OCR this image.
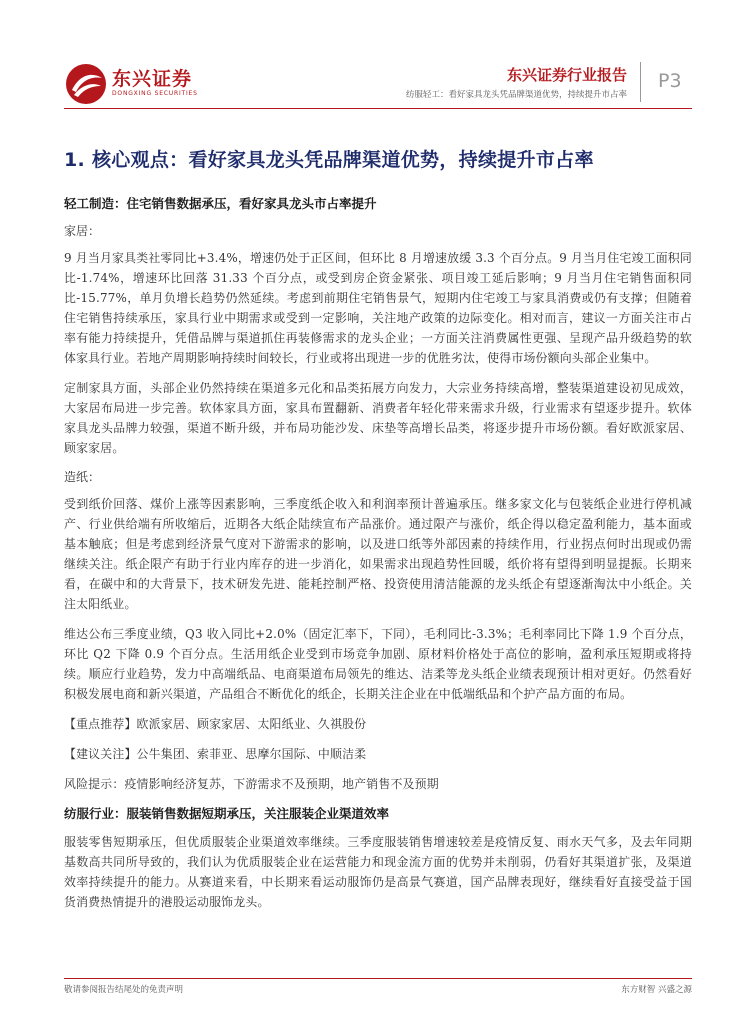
东兴证券
DONGXING SECURITIES
东兴证券行业报告
纺服轻工：看好家具龙头凭品牌渠道优势，持续提升市占率
P3
1. 核心观点：看好家具龙头凭品牌渠道优势，持续提升市占率
轻工制造：住宅销售数据承压，看好家具龙头市占率提升
家居：

9 月当月家具类社零同比+3.4%，增速仍处于正区间，但环比 8 月增速放缓 3.3 个百分点。9 月当月住宅竣工面积同比-1.74%，增速环比回落 31.33 个百分点，或受到房企资金紧张、项目竣工延后影响；9 月当月住宅销售面积同比-15.77%，单月负增长趋势仍然延续。考虑到前期住宅销售景气，短期内住宅竣工与家具消费或仍有支撑；但随着住宅销售持续承压，家具行业中期需求或受到一定影响，关注地产政策的边际变化。相对而言，建议一方面关注市占率有能力持续提升，凭借品牌与渠道抓住再装修需求的龙头企业；一方面关注消费属性更强、呈现产品升级趋势的软体家具行业。若地产周期影响持续时间较长，行业或将出现进一步的优胜劣汰，使得市场份额向头部企业集中。

定制家具方面，头部企业仍然持续在渠道多元化和品类拓展方向发力，大宗业务持续高增，整装渠道建设初见成效，大家居布局进一步完善。软体家具方面，家具布置翻新、消费者年轻化带来需求升级，行业需求有望逐步提升。软体家具龙头品牌力较强，渠道不断升级，并布局功能沙发、床垫等高增长品类，将逐步提升市场份额。看好欧派家居、顾家家居。

造纸：

受到纸价回落、煤价上涨等因素影响，三季度纸企收入和利润率预计普遍承压。继多家文化与包装纸企业进行停机减产、行业供给端有所收缩后，近期各大纸企陆续宣布产品涨价。通过限产与涨价，纸企得以稳定盈利能力，基本面或基本触底；但是考虑到经济景气度对下游需求的影响，以及进口纸等外部因素的持续作用，行业拐点何时出现或仍需继续关注。纸企限产有助于行业内库存的进一步消化，如果需求出现趋势性回暖，纸价将有望得到明显提振。长期来看，在碳中和的大背景下，技术研发先进、能耗控制严格、投资使用清洁能源的龙头纸企有望逐渐淘汰中小纸企。关注太阳纸业。

维达公布三季度业绩，Q3 收入同比+2.0%（固定汇率下，下同），毛利同比-3.3%；毛利率同比下降 1.9 个百分点，环比 Q2 下降 0.9 个百分点。生活用纸企业受到市场竞争加剧、原材料价格处于高位的影响，盈利承压短期或将持续。顺应行业趋势，发力中高端纸品、电商渠道布局领先的维达、洁柔等龙头纸企业绩表现预计相对更好。仍然看好积极发展电商和新兴渠道，产品组合不断优化的纸企，长期关注企业在中低端纸品和个护产品方面的布局。

【重点推荐】欧派家居、顾家家居、太阳纸业、久祺股份

【建议关注】公牛集团、索菲亚、思摩尔国际、中顺洁柔

风险提示：疫情影响经济复苏，下游需求不及预期，地产销售不及预期

纺服行业：服装销售数据短期承压，关注服装企业渠道效率

服装零售短期承压，但优质服装企业渠道效率继续。三季度服装销售增速较差是疫情反复、雨水天气多，及去年同期基数高共同所导致的，我们认为优质服装企业在运营能力和现金流方面的优势并未削弱，仍看好其渠道扩张，及渠道效率持续提升的能力。从赛道来看，中长期来看运动服饰仍是高景气赛道，国产品牌表现好，继续看好直接受益于国货消费热情提升的港股运动服饰龙头。

敬请参阅报告结尾处的免责声明	东方财智 兴盛之源
